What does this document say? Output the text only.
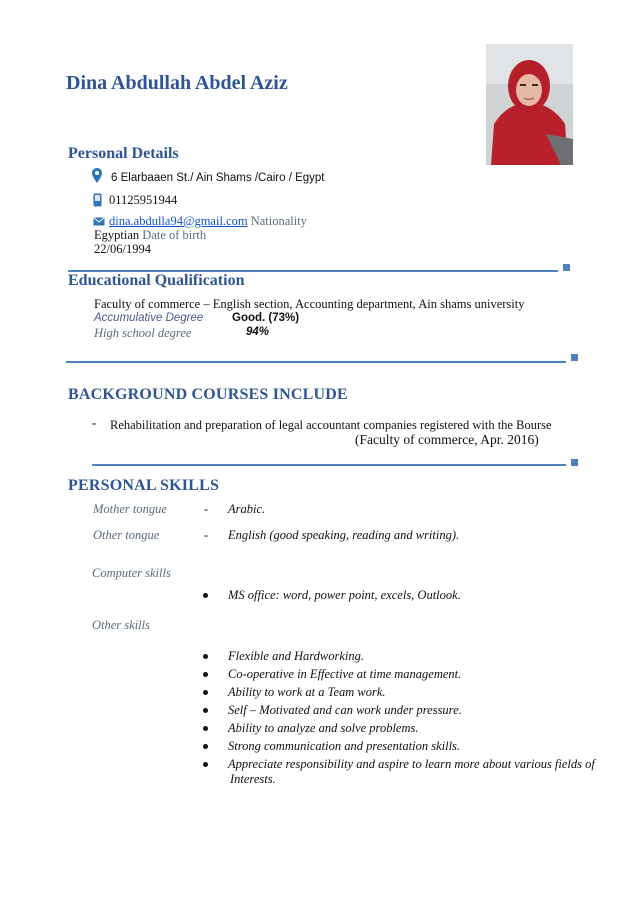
Dina Abdullah Abdel Aziz
Personal Details
6 Elarbaaen St./ Ain Shams /Cairo / Egypt
01125951944
dina.abdulla94@gmail.com Nationality
Egyptian Date of birth
22/06/1994
Educational Qualification
Faculty of commerce – English section, Accounting department, Ain shams university
Accumulative Degree Good. (73%)
High school degree	94%
BACKGROUND COURSES INCLUDE
- Rehabilitation and preparation of legal accountant companies registered with the Bourse
(Faculty of commerce, Apr. 2016)
PERSONAL SKILLS
Mother tongue	- Arabic.
Other tongue	- English (good speaking, reading and writing).
Computer skills
MS office: word, power point, excels, Outlook.
Other skills
Flexible and Hardworking.
Co-operative in Effective at time management.
Ability to work at a Team work.
Self – Motivated and can work under pressure.
Ability to analyze and solve problems.
Strong communication and presentation skills.
Appreciate responsibility and aspire to learn more about various fields of
Interests.
